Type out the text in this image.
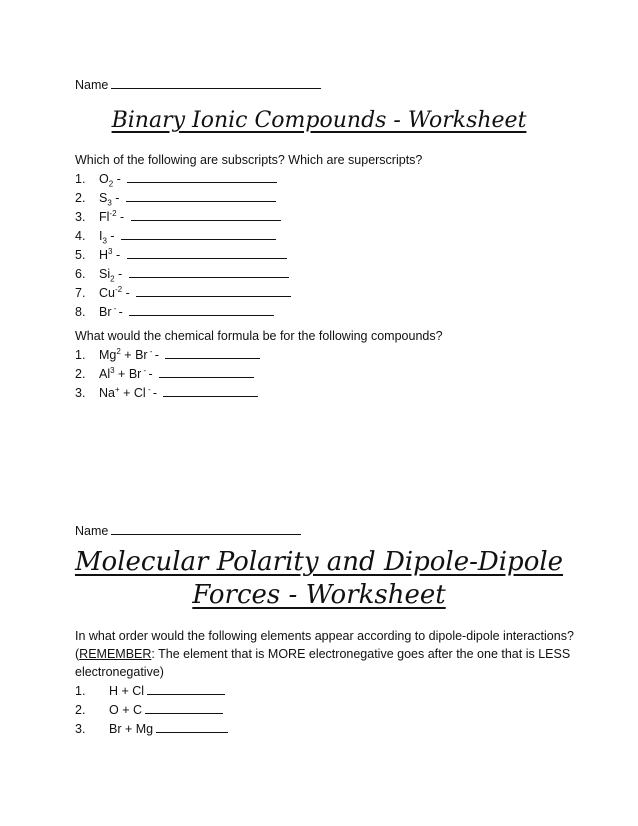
Name
Binary Ionic Compounds - Worksheet
Which of the following are subscripts? Which are superscripts?
1. $O_2$ -
2. $S_3$ -
3. $Fl^{-2}$ -
4. $I_3$ -
5. $H^3$ -
6. $Si_2$ -
7. $Cu^{-2}$ -
8. Br - -
What would the chemical formula be for the following compounds?
1. $Mg^2 + Br$ - -
2. $Al^3 + Br$ - -
3. Na+ + Cl - -
Name
Molecular Polarity and Dipole-Dipole
Forces - Worksheet
In what order would the following elements appear according to dipole-dipole interactions?
(REMEMBER: The element that is MORE electronegative goes after the one that is LESS
electronegative)
1. H + Cl
2. O + C
3. Br + Mg
